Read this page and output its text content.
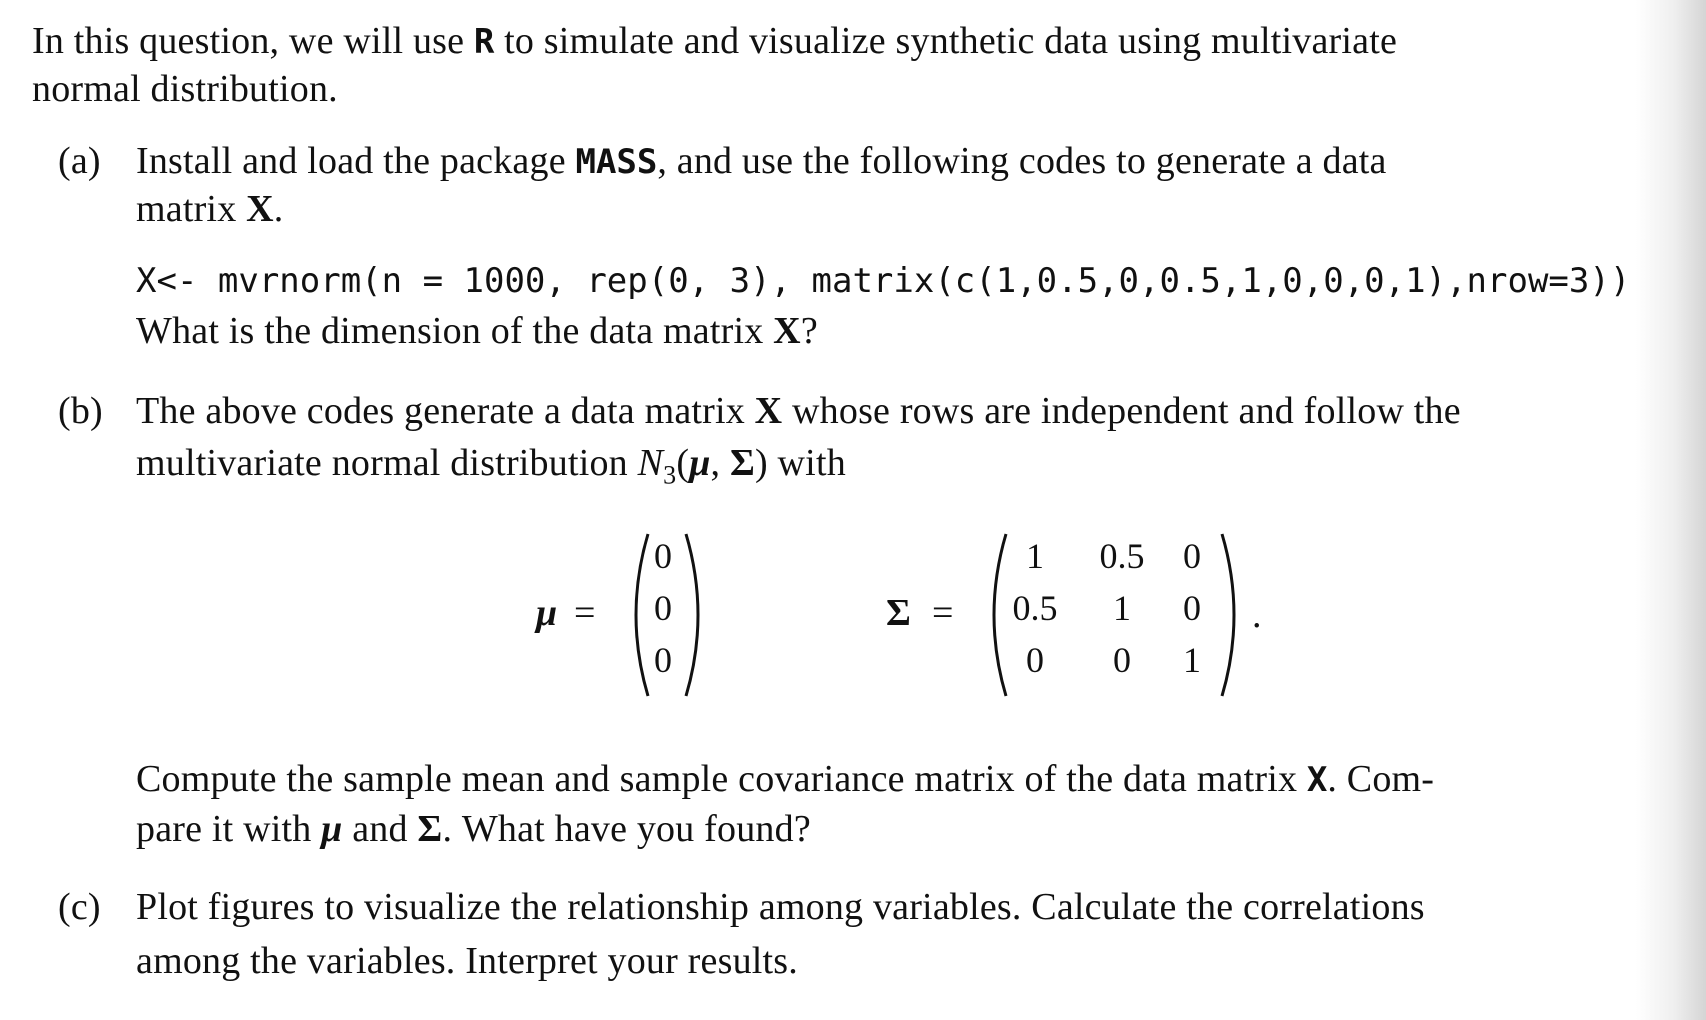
In this question, we will use R to simulate and visualize synthetic data using multivariate
normal distribution.
(a) Install and load the package MASS, and use the following codes to generate a data
matrix X.
X<- mvrnorm(n = 1000, rep(0, 3), matrix(c(1,0.5,0,0.5,1,0,0,0,1),nrow=3))
What is the dimension of the data matrix X?
(b) The above codes generate a data matrix X whose rows are independent and follow the
multivariate normal distribution $N_3(\mu$, Σ) with
μ =
0
0
0
Σ =
1	0.5	0
0.5	1	0
0	0	1
.
Compute the sample mean and sample covariance matrix of the data matrix X. Com-
pare it with μ and Σ. What have you found?
(c) Plot figures to visualize the relationship among variables. Calculate the correlations
among the variables. Interpret your results.
